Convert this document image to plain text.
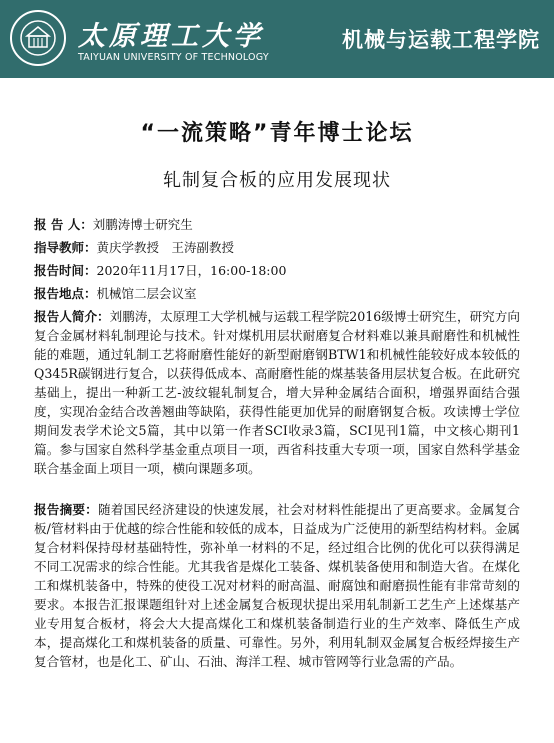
太原理工大学
TAIYUAN UNIVERSITY OF TECHNOLOGY
机械与运载工程学院
“一流策略”青年博士论坛
轧制复合板的应用发展现状
报 告 人：刘鹏涛博士研究生
指导教师：黄庆学教授　王涛副教授
报告时间：2020年11月17日，16:00-18:00
报告地点：机械馆二层会议室

报告人简介：刘鹏涛，太原理工大学机械与运载工程学院2016级博士研究生，研究方向复合金属材料轧制理论与技术。针对煤机用层状耐磨复合材料难以兼具耐磨性和机械性能的难题，通过轧制工艺将耐磨性能好的新型耐磨钢BTW1和机械性能较好成本较低的Q345R碳钢进行复合，以获得低成本、高耐磨性能的煤基装备用层状复合板。在此研究基础上，提出一种新工艺-波纹辊轧制复合，增大异种金属结合面积，增强界面结合强度，实现冶金结合改善翘曲等缺陷，获得性能更加优异的耐磨钢复合板。攻读博士学位期间发表学术论文5篇，其中以第一作者SCI收录3篇，SCI见刊1篇，中文核心期刊1篇。参与国家自然科学基金重点项目一项，西省科技重大专项一项，国家自然科学基金联合基金面上项目一项，横向课题多项。

报告摘要：随着国民经济建设的快速发展，社会对材料性能提出了更高要求。金属复合板/管材料由于优越的综合性能和较低的成本，日益成为广泛使用的新型结构材料。金属复合材料保持母材基础特性，弥补单一材料的不足，经过组合比例的优化可以获得满足不同工况需求的综合性能。尤其我省是煤化工装备、煤机装备使用和制造大省。在煤化工和煤机装备中，特殊的使役工况对材料的耐高温、耐腐蚀和耐磨损性能有非常苛刻的要求。本报告汇报课题组针对上述金属复合板现状提出采用轧制新工艺生产上述煤基产业专用复合板材，将会大大提高煤化工和煤机装备制造行业的生产效率、降低生产成本，提高煤化工和煤机装备的质量、可靠性。另外，利用轧制双金属复合板经焊接生产复合管材，也是化工、矿山、石油、海洋工程、城市管网等行业急需的产品。
